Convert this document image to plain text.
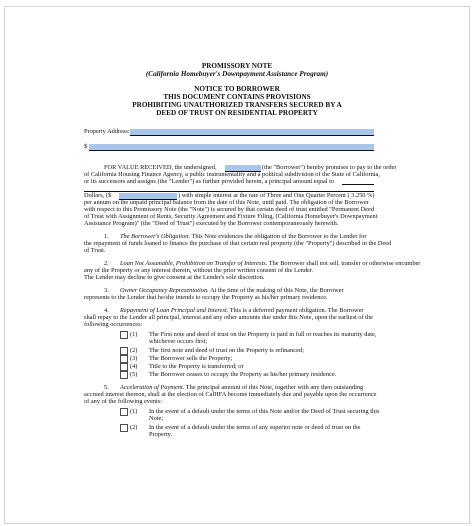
PROMISSORY NOTE
(California Homebuyer's Downpayment Assistance Program)
NOTICE TO BORROWER
THIS DOCUMENT CONTAINS PROVISIONS
PROHIBITING UNAUTHORIZED TRANSFERS SECURED BY A
DEED OF TRUST ON RESIDENTIAL PROPERTY
Property Address:
$
FOR VALUE RECEIVED, the undersigned,	(the "Borrower") hereby promises to pay to the order
of California Housing Finance Agency, a public instrumentality and a political subdivision of the State of California,
or its successors and assigns (the "Lender") as further provided herein, a principal amount equal to
Dollars, ($	) with simple interest at the rate of Three and One Quarter Percent ( 3.250 %)
per annum on the unpaid principal balance from the date of this Note, until paid. The obligation of the Borrower
with respect to this Promissory Note (the "Note") is secured by that certain deed of trust entitled "Permanent Deed
of Trust with Assignment of Rents, Security Agreement and Fixture Filing, (California Homebuyer's Downpayment
Assistance Program)" (the "Deed of Trust") executed by the Borrower contemporaneously herewith.
1. The Borrower's Obligation. This Note evidences the obligation of the Borrower to the Lender for
the repayment of funds loaned to finance the purchase of that certain real property (the "Property") described in the Deed
of Trust.
2. Loan Not Assumable, Prohibition on Transfer of Interests. The Borrower shall not sell, transfer or otherwise encumber
any of the Property or any interest therein, without the prior written consent of the Lender.
The Lender may decline to give consent at the Lender's sole discretion.
3. Owner Occupancy Representation. At the time of the making of this Note, the Borrower
represents to the Lender that he/she intends to occupy the Property as his/her primary residence.
4. Repayment of Loan Principal and Interest. This is a deferred payment obligation. The Borrower
shall repay to the Lender all principal, interest and any other amounts due under this Note, upon the earliest of the
following occurrences:
(1) The First note and deed of trust on the Property is paid in full or reaches its maturity date,
whichever occurs first;
(2) The first note and deed of trust on the Property is refinanced;
(3) The Borrower sells the Property;
(4) Title to the Property is transferred; or
(5) The Borrower ceases to occupy the Property as his/her primary residence.
5. Acceleration of Payment. The principal amount of this Note, together with any then outstanding
accrued interest thereon, shall at the election of CalHFA become immediately due and payable upon the occurrence
of any of the following events:
(1) In the event of a default under the terms of this Note and/or the Deed of Trust securing this
Note;
(2) In the event of a default under the terms of any superior note or deed of trust on the
Property.
